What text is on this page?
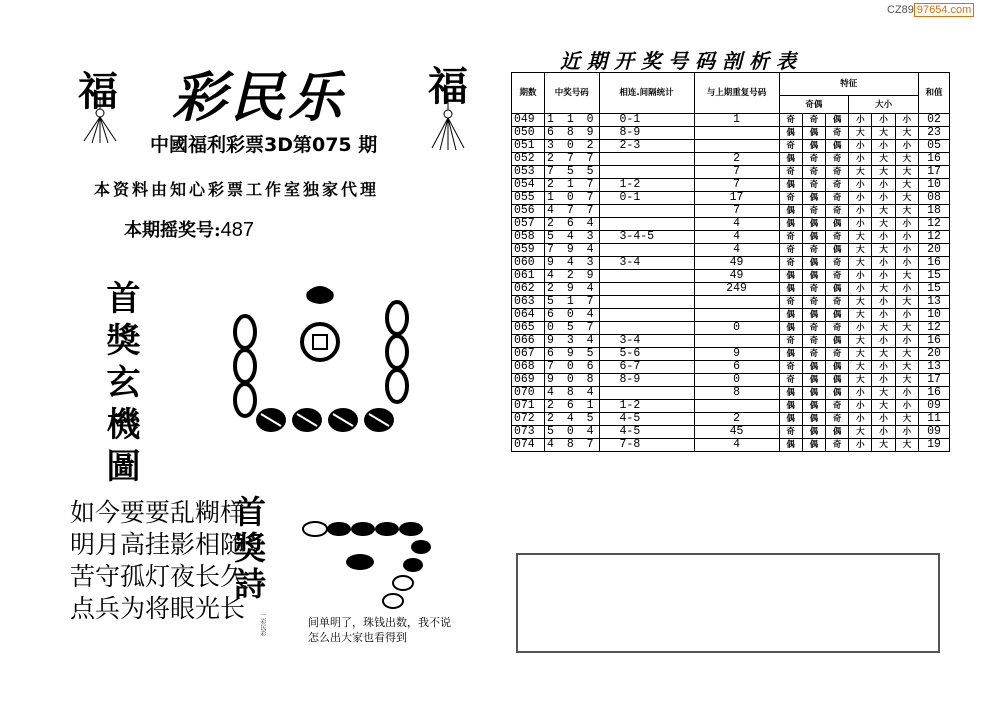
CZ89 97654.com
福	福
彩民乐
中國福利彩票3D第075 期
本资料由知心彩票工作室独家代理
本期摇奖号:487
首獎玄機圖
如今要要乱糊样
明月高挂影相随
苦守孤灯夜长久
点兵为将眼光长
首獎詩
一彩民彩	间单明了，珠钱出数，我不说
怎么出大家也看得到
近期开奖号码剖析表
期数	中奖号码	相连.间隔统计	与上期重复号码	特征						和值
				奇偶			大小			
049	1 1 0	0-1	1	奇	奇	偶	小	小	小	02
050	6 8 9	8-9		偶	偶	奇	大	大	大	23
051	3 0 2	2-3		奇	偶	偶	小	小	小	05
052	2 7 7		2	偶	奇	奇	小	大	大	16
053	7 5 5		7	奇	奇	奇	大	大	大	17
054	2 1 7	1-2	7	偶	奇	奇	小	小	大	10
055	1 0 7	0-1	17	奇	偶	奇	小	小	大	08
056	4 7 7		7	偶	奇	奇	小	大	大	18
057	2 6 4		4	偶	偶	偶	小	大	小	12
058	5 4 3	3-4-5	4	奇	偶	奇	大	小	小	12
059	7 9 4		4	奇	奇	偶	大	大	小	20
060	9 4 3	3-4	49	奇	偶	奇	大	小	小	16
061	4 2 9		49	偶	偶	奇	小	小	大	15
062	2 9 4		249	偶	奇	偶	小	大	小	15
063	5 1 7			奇	奇	奇	大	小	大	13
064	6 0 4			偶	偶	偶	大	小	小	10
065	0 5 7		0	偶	奇	奇	小	大	大	12
066	9 3 4	3-4		奇	奇	偶	大	小	小	16
067	6 9 5	5-6	9	偶	奇	奇	大	大	大	20
068	7 0 6	6-7	6	奇	偶	偶	大	小	大	13
069	9 0 8	8-9	0	奇	偶	偶	大	小	大	17
070	4 8 4		8	偶	偶	偶	小	大	小	16
071	2 6 1	1-2		偶	偶	奇	小	大	小	09
072	2 4 5	4-5	2	偶	偶	奇	小	小	大	11
073	5 0 4	4-5	45	奇	偶	偶	大	小	小	09
074	4 8 7	7-8	4	偶	偶	奇	小	大	大	19
